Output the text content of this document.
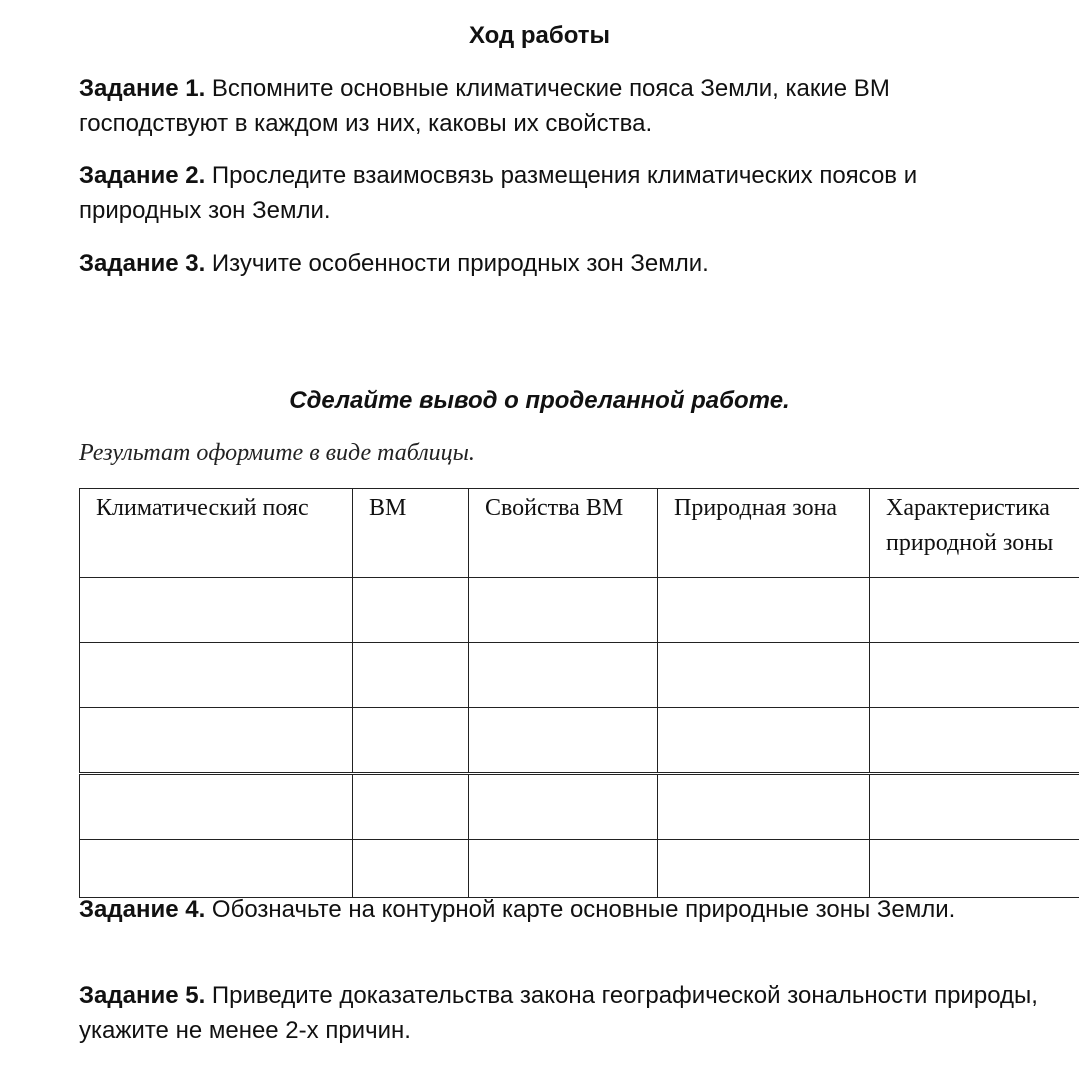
Ход работы
Задание 1. Вспомните основные климатические пояса Земли, какие ВМ господствуют в каждом из них, каковы их свойства.
Задание 2. Проследите взаимосвязь размещения климатических поясов и природных зон Земли.
Задание 3. Изучите особенности природных зон Земли.
Сделайте вывод о проделанной работе.
Результат оформите в виде таблицы.
Климатический пояс	ВМ	Свойства ВМ	Природная зона	Характеристика природной зоны

Задание 4. Обозначьте на контурной карте основные природные зоны Земли.
Задание 5. Приведите доказательства закона географической зональности природы, укажите не менее 2-х причин.
